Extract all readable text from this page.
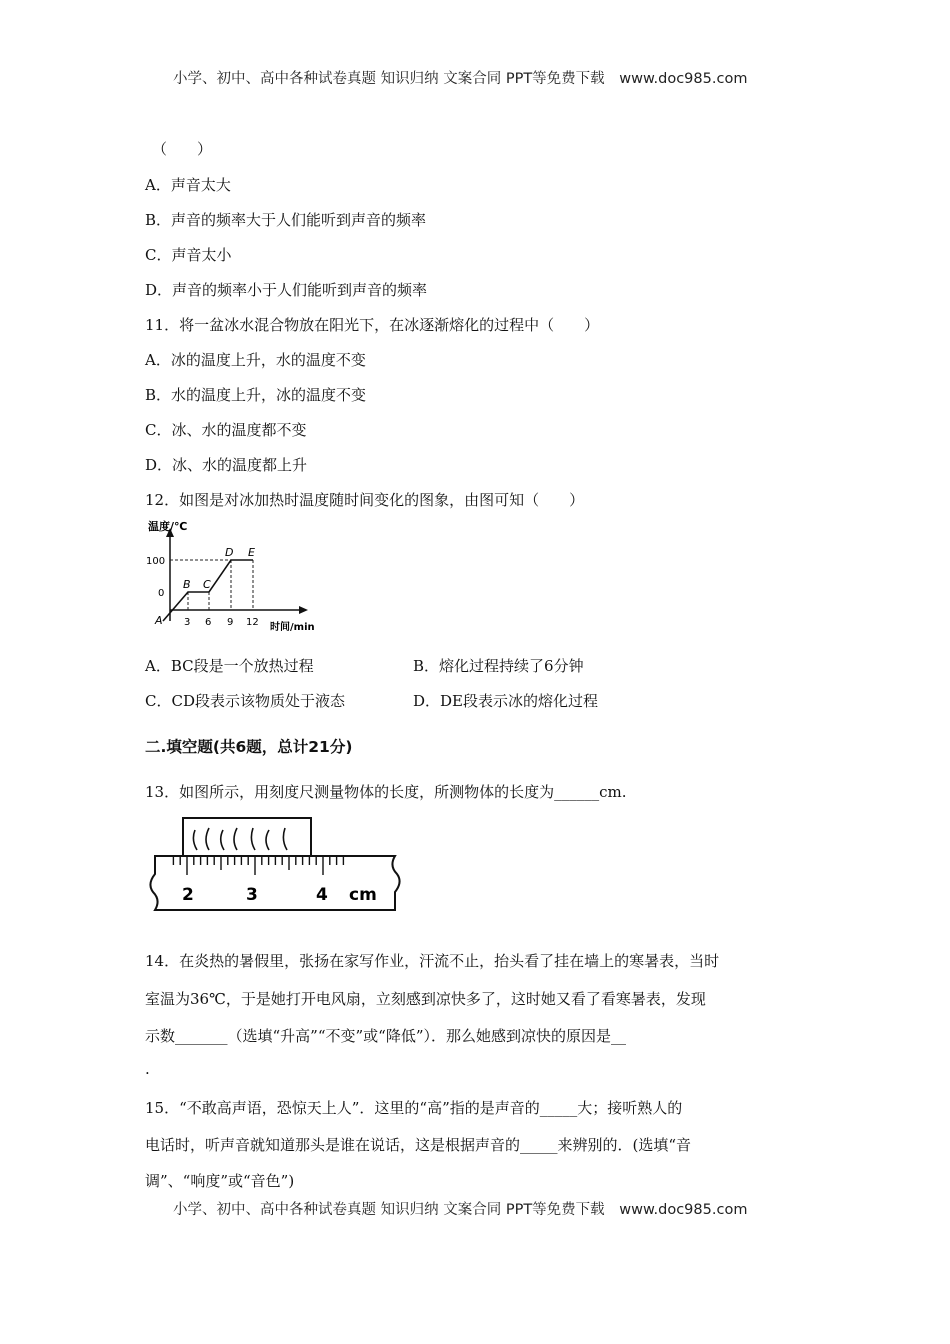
小学、初中、高中各种试卷真题 知识归纳 文案合同 PPT等免费下载 www.doc985.com
（　　）
A．声音太大
B．声音的频率大于人们能听到声音的频率
C．声音太小
D．声音的频率小于人们能听到声音的频率
11．将一盆冰水混合物放在阳光下，在冰逐渐熔化的过程中（　　）
A．冰的温度上升，水的温度不变
B．水的温度上升，冰的温度不变
C．冰、水的温度都不变
D．冰、水的温度都上升
12．如图是对冰加热时温度随时间变化的图象，由图可知（　　）
温度/℃
100
0
3 6 9 12 时间/min
A
B C
D E
A．BC段是一个放热过程	B．熔化过程持续了6分钟
C．CD段表示该物质处于液态	D．DE段表示冰的熔化过程
二.填空题(共6题，总计21分)
13．如图所示，用刻度尺测量物体的长度，所测物体的长度为______cm.
2	3	4 cm
14．在炎热的暑假里，张扬在家写作业，汗流不止，抬头看了挂在墙上的寒暑表，当时
室温为36℃，于是她打开电风扇，立刻感到凉快多了，这时她又看了看寒暑表，发现
示数_______（选填“升高”“不变”或“降低”）．那么她感到凉快的原因是__
.
15．“不敢高声语，恐惊天上人”．这里的“高”指的是声音的_____大；接听熟人的
电话时，听声音就知道那头是谁在说话，这是根据声音的_____来辨别的．(选填“音
调”、“响度”或“音色”)
小学、初中、高中各种试卷真题 知识归纳 文案合同 PPT等免费下载 www.doc985.com
